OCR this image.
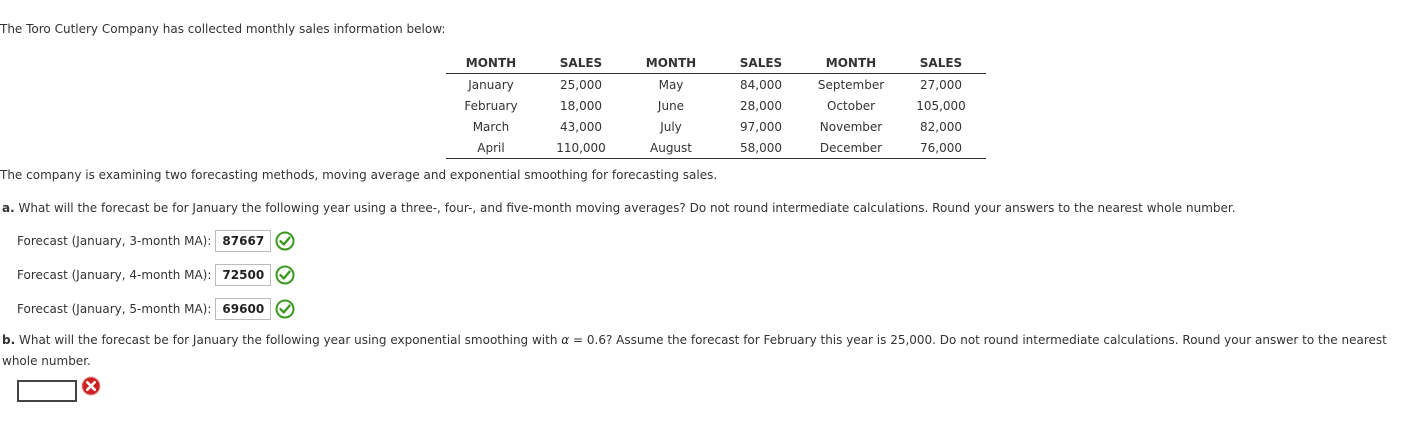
The Toro Cutlery Company has collected monthly sales information below:
MONTH	SALES	MONTH	SALES	MONTH	SALES
January	25,000	May	84,000	September	27,000
February	18,000	June	28,000	October	105,000
March	43,000	July	97,000	November	82,000
April	110,000	August	58,000	December	76,000
The company is examining two forecasting methods, moving average and exponential smoothing for forecasting sales.
a. What will the forecast be for January the following year using a three-, four-, and five-month moving averages? Do not round intermediate calculations. Round your answers to the nearest whole number.
Forecast (January, 3-month MA): 87667
Forecast (January, 4-month MA): 72500
Forecast (January, 5-month MA): 69600
b. What will the forecast be for January the following year using exponential smoothing with α = 0.6? Assume the forecast for February this year is 25,000. Do not round intermediate calculations. Round your answer to the nearest whole number.
